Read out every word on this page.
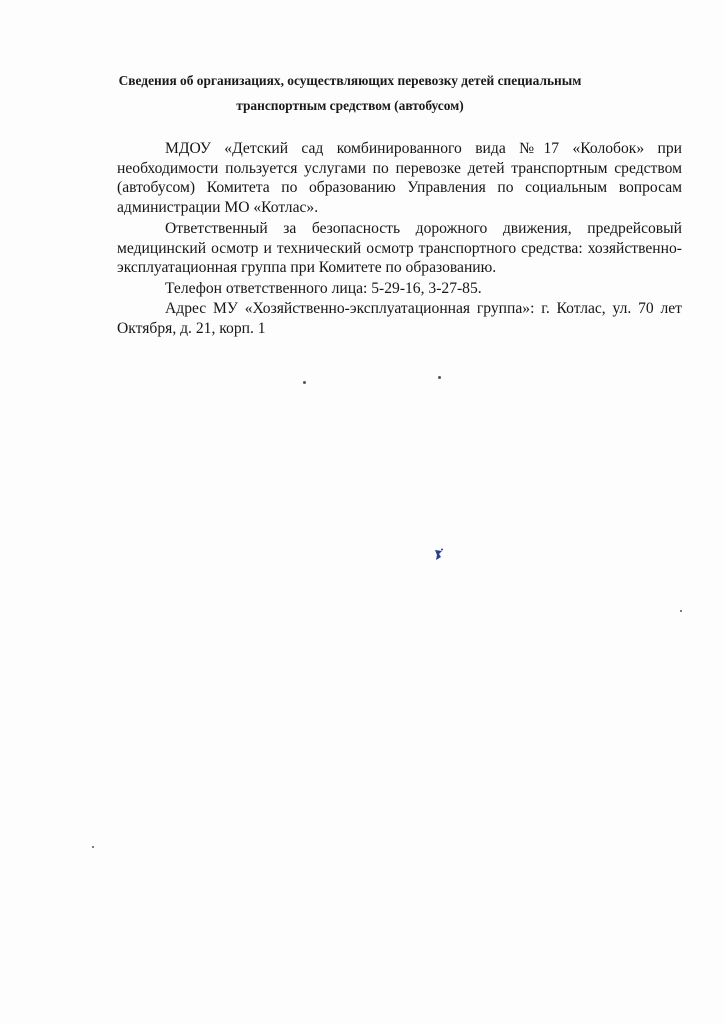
Сведения об организациях, осуществляющих перевозку детей специальным
транспортным средством (автобусом)

МДОУ «Детский сад комбинированного вида №17 «Колобок» при необходимости пользуется услугами по перевозке детей транспортным средством (автобусом) Комитета по образованию Управления по социальным вопросам администрации МО «Котлас».

Ответственный за безопасность дорожного движения, предрейсовый медицинский осмотр и технический осмотр транспортного средства: хозяйственно-эксплуатационная группа при Комитете по образованию.

Телефон ответственного лица: 5-29-16, 3-27-85.

Адрес МУ «Хозяйственно-эксплуатационная группа»: г. Котлас, ул. 70 лет Октября, д. 21, корп. 1
